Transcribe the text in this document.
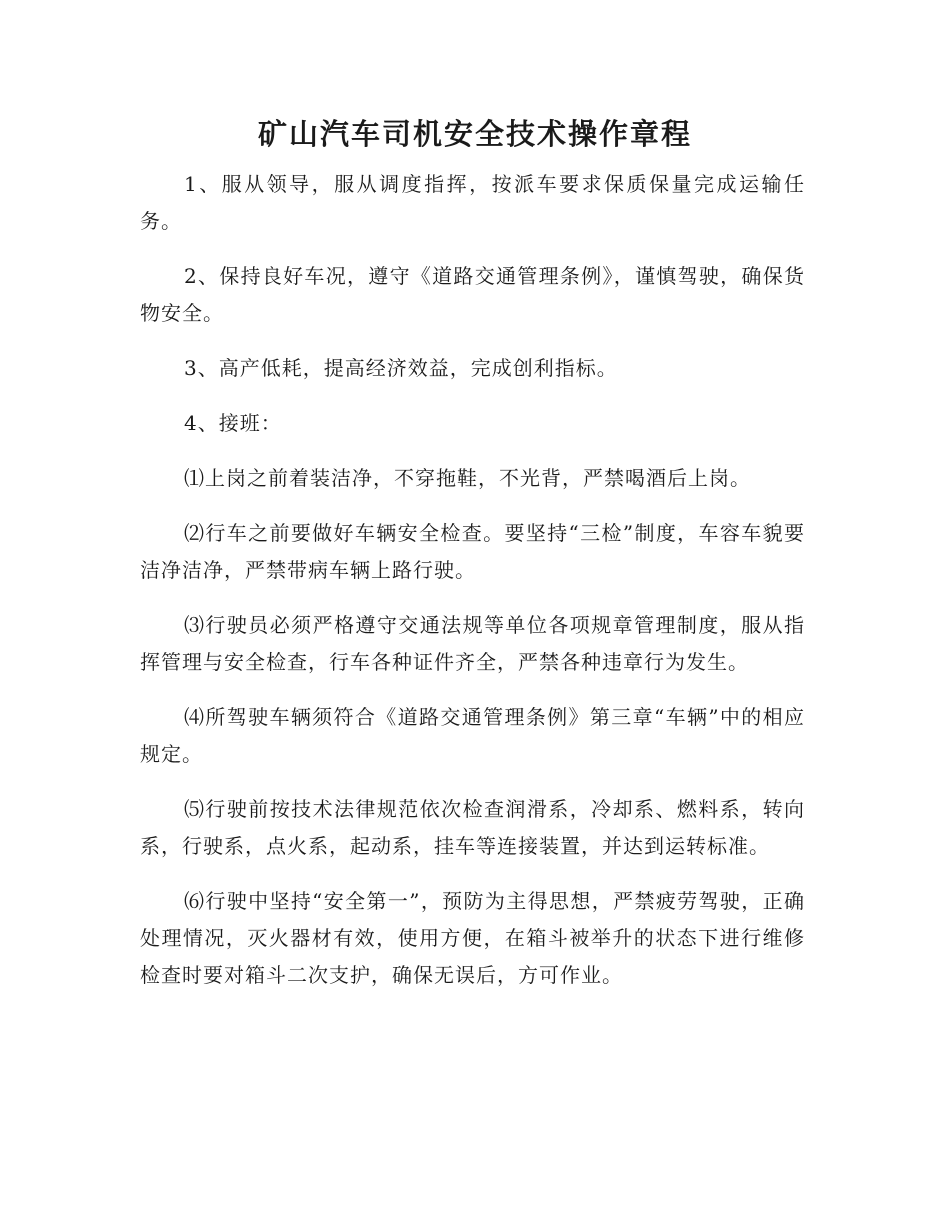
矿山汽车司机安全技术操作章程

1、服从领导，服从调度指挥，按派车要求保质保量完成运输任务。

2、保持良好车况，遵守《道路交通管理条例》，谨慎驾驶，确保货物安全。

3、高产低耗，提高经济效益，完成创利指标。

4、接班：

⑴上岗之前着装洁净，不穿拖鞋，不光背，严禁喝酒后上岗。

⑵行车之前要做好车辆安全检查。要坚持“三检”制度，车容车貌要洁净洁净，严禁带病车辆上路行驶。

⑶行驶员必须严格遵守交通法规等单位各项规章管理制度，服从指挥管理与安全检查，行车各种证件齐全，严禁各种违章行为发生。

⑷所驾驶车辆须符合《道路交通管理条例》第三章“车辆”中的相应规定。

⑸行驶前按技术法律规范依次检查润滑系，冷却系、燃料系，转向系，行驶系，点火系，起动系，挂车等连接装置，并达到运转标准。

⑹行驶中坚持“安全第一”，预防为主得思想，严禁疲劳驾驶，正确处理情况，灭火器材有效，使用方便，在箱斗被举升的状态下进行维修检查时要对箱斗二次支护，确保无误后，方可作业。
